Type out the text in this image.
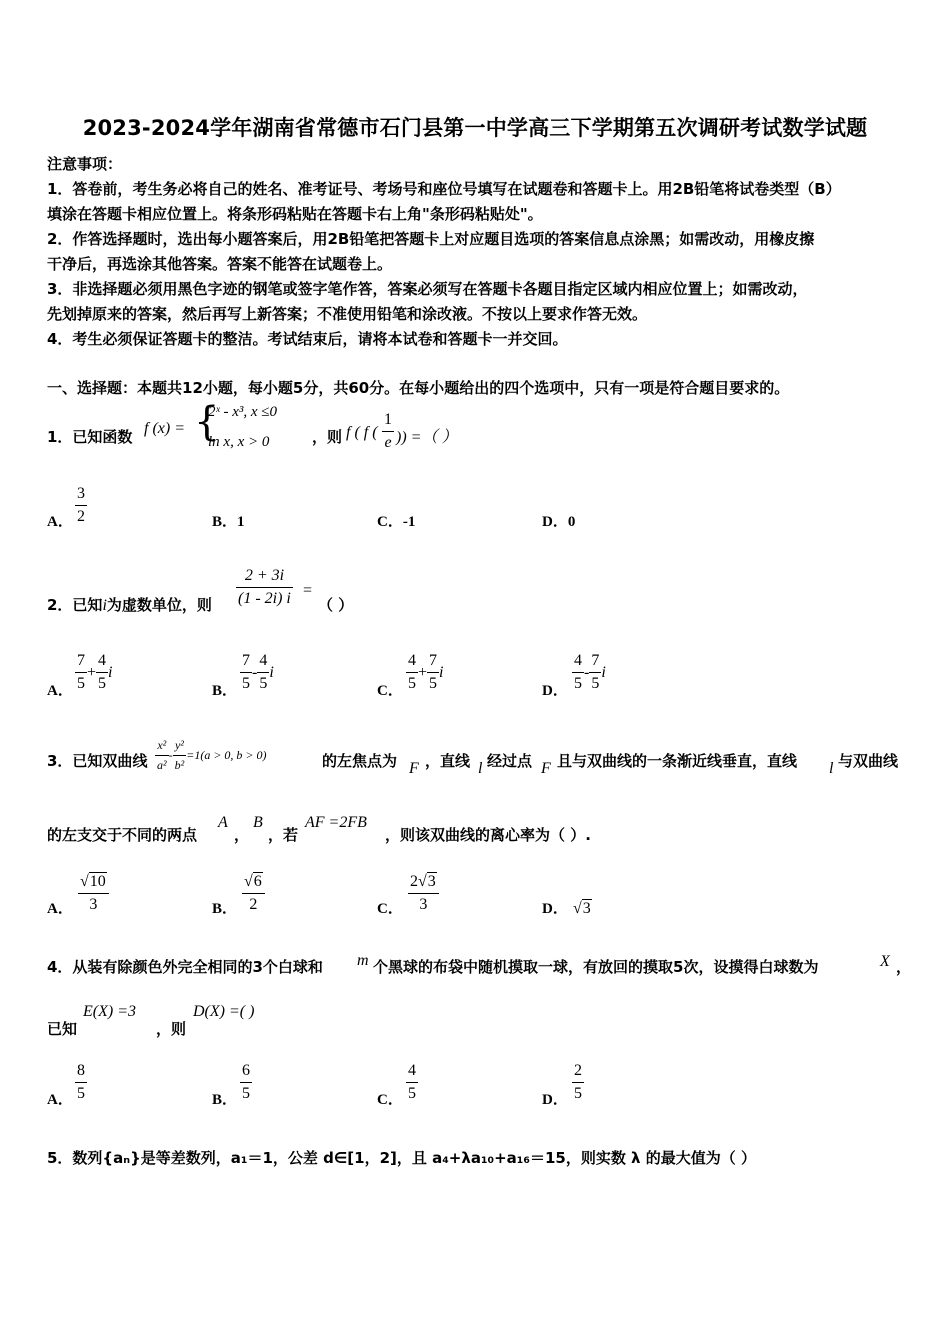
2023-2024学年湖南省常德市石门县第一中学高三下学期第五次调研考试数学试题
注意事项：
1．答卷前，考生务必将自己的姓名、准考证号、考场号和座位号填写在试题卷和答题卡上。用2B铅笔将试卷类型（B）
填涂在答题卡相应位置上。将条形码粘贴在答题卡右上角"条形码粘贴处"。
2．作答选择题时，选出每小题答案后，用2B铅笔把答题卡上对应题目选项的答案信息点涂黑；如需改动，用橡皮擦
干净后，再选涂其他答案。答案不能答在试题卷上。
3．非选择题必须用黑色字迹的钢笔或签字笔作答，答案必须写在答题卡各题目指定区域内相应位置上；如需改动，
先划掉原来的答案，然后再写上新答案；不准使用铅笔和涂改液。不按以上要求作答无效。
4．考生必须保证答题卡的整洁。考试结束后，请将本试卷和答题卡一并交回。
一、选择题：本题共12小题，每小题5分，共60分。在每小题给出的四个选项中，只有一项是符合题目要求的。
1．已知函数 f (x) = {
2ˣ - x³, x ≤0
ln x, x > 0	，则 f ( f ( $\frac{1}{e}$ )) =（ ）
A． $\frac{3}{2}$	B．1	C．-1	D．0
2．已知i为虚数单位，则 $\frac{2 + 3i}{(1 - 2i) i}$ =
（ ）
A． $\frac{7}{5} + \frac{4}{5}$ i
B． $\frac{7}{5} - \frac{4}{5}$ i
C． $\frac{4}{5} + \frac{7}{5}$ i
D． $\frac{4}{5} - \frac{7}{5}$ i
3．已知双曲线 $\frac{\text{x²}}{\text{a²}} - \frac{\text{y²}}{\text{b²}} =1(a > 0$, b > 0)	的左焦点为 F ，直线 l 经过点 F 且与双曲线的一条渐近线垂直，直线 l 与双曲线
的左支交于不同的两点
A
，
B
，若
AF =2FB
，则该双曲线的离心率为（ ）.
A． $\frac{√10}{3}$	B． $\frac{√6}{2}$	C． $\frac{2√3}{3}$	D． √3
4．从装有除颜色外完全相同的3个白球和 m 个黑球的布袋中随机摸取一球，有放回的摸取5次，设摸得白球数为	X ，
已知
E(X) =3
，则
D(X) =( )
A． $\frac{8}{5}$	B． $\frac{6}{5}$	C． $\frac{4}{5}$	D． $\frac{2}{5}$
5．数列{aₙ}是等差数列，a₁＝1，公差 d∈[1，2]，且 a₄+λa₁₀+a₁₆＝15，则实数 λ 的最大值为（ ）
